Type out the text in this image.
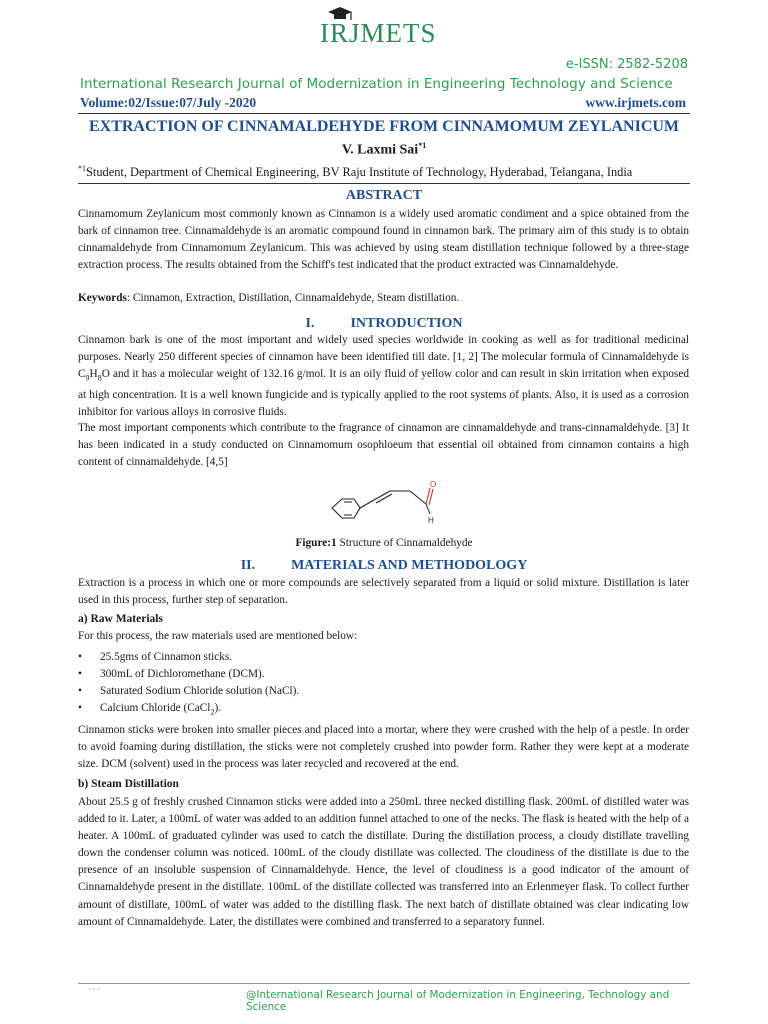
IRJMETS
e-ISSN: 2582-5208
International Research Journal of Modernization in Engineering Technology and Science
Volume:02/Issue:07/July -2020	www.irjmets.com
EXTRACTION OF CINNAMALDEHYDE FROM CINNAMOMUM ZEYLANICUM
V. Laxmi Sai$^{*1}$
$^{*1}$Student, Department of Chemical Engineering, BV Raju Institute of Technology, Hyderabad, Telangana, India
ABSTRACT

Cinnamomum Zeylanicum most commonly known as Cinnamon is a widely used aromatic condiment and a spice obtained from the bark of cinnamon tree. Cinnamaldehyde is an aromatic compound found in cinnamon bark. The primary aim of this study is to obtain cinnamaldehyde from Cinnamomum Zeylanicum. This was achieved by using steam distillation technique followed by a three-stage extraction process. The results obtained from the Schiff's test indicated that the product extracted was Cinnamaldehyde.

Keywords: Cinnamon, Extraction, Distillation, Cinnamaldehyde, Steam distillation.
I.	INTRODUCTION

Cinnamon bark is one of the most important and widely used species worldwide in cooking as well as for traditional medicinal purposes. Nearly 250 different species of cinnamon have been identified till date. [1, 2] The molecular formula of Cinnamaldehyde is $C_9H_8O$ and it has a molecular weight of 132.16 g/mol. It is an oily fluid of yellow color and can result in skin irritation when exposed at high concentration. It is a well known fungicide and is typically applied to the root systems of plants. Also, it is used as a corrosion inhibitor for various alloys in corrosive fluids.

The most important components which contribute to the fragrance of cinnamon are cinnamaldehyde and trans-cinnamaldehyde. [3] It has been indicated in a study conducted on Cinnamomum osophloeum that essential oil obtained from cinnamon contains a high content of cinnamaldehyde. [4,5]

O
H
Figure:1 Structure of Cinnamaldehyde
II.	MATERIALS AND METHODOLOGY

Extraction is a process in which one or more compounds are selectively separated from a liquid or solid mixture. Distillation is later used in this process, further step of separation.

a) Raw Materials
For this process, the raw materials used are mentioned below:
• 25.5gms of Cinnamon sticks.
• 300mL of Dichloromethane (DCM).
• Saturated Sodium Chloride solution (NaCl).
• Calcium Chloride (CaCl$_2$).

Cinnamon sticks were broken into smaller pieces and placed into a mortar, where they were crushed with the help of a pestle. In order to avoid foaming during distillation, the sticks were not completely crushed into powder form. Rather they were kept at a moderate size. DCM (solvent) used in the process was later recycled and recovered at the end.

b) Steam Distillation

About 25.5 g of freshly crushed Cinnamon sticks were added into a 250mL three necked distilling flask. 200mL of distilled water was added to it. Later, a 100mL of water was added to an addition funnel attached to one of the necks. The flask is heated with the help of a heater. A 100mL of graduated cylinder was used to catch the distillate. During the distillation process, a cloudy distillate travelling down the condenser column was noticed. 100mL of the cloudy distillate was collected. The cloudiness of the distillate is due to the presence of an insoluble suspension of Cinnamaldehyde. Hence, the level of cloudiness is a good indicator of the amount of Cinnamaldehyde present in the distillate. 100mL of the distillate collected was transferred into an Erlenmeyer flask. To collect further amount of distillate, 100mL of water was added to the distilling flask. The next batch of distillate obtained was clear indicating low amount of Cinnamaldehyde. Later, the distillates were combined and transferred to a separatory funnel.

· · ·	@International Research Journal of Modernization in Engineering, Technology and Science
